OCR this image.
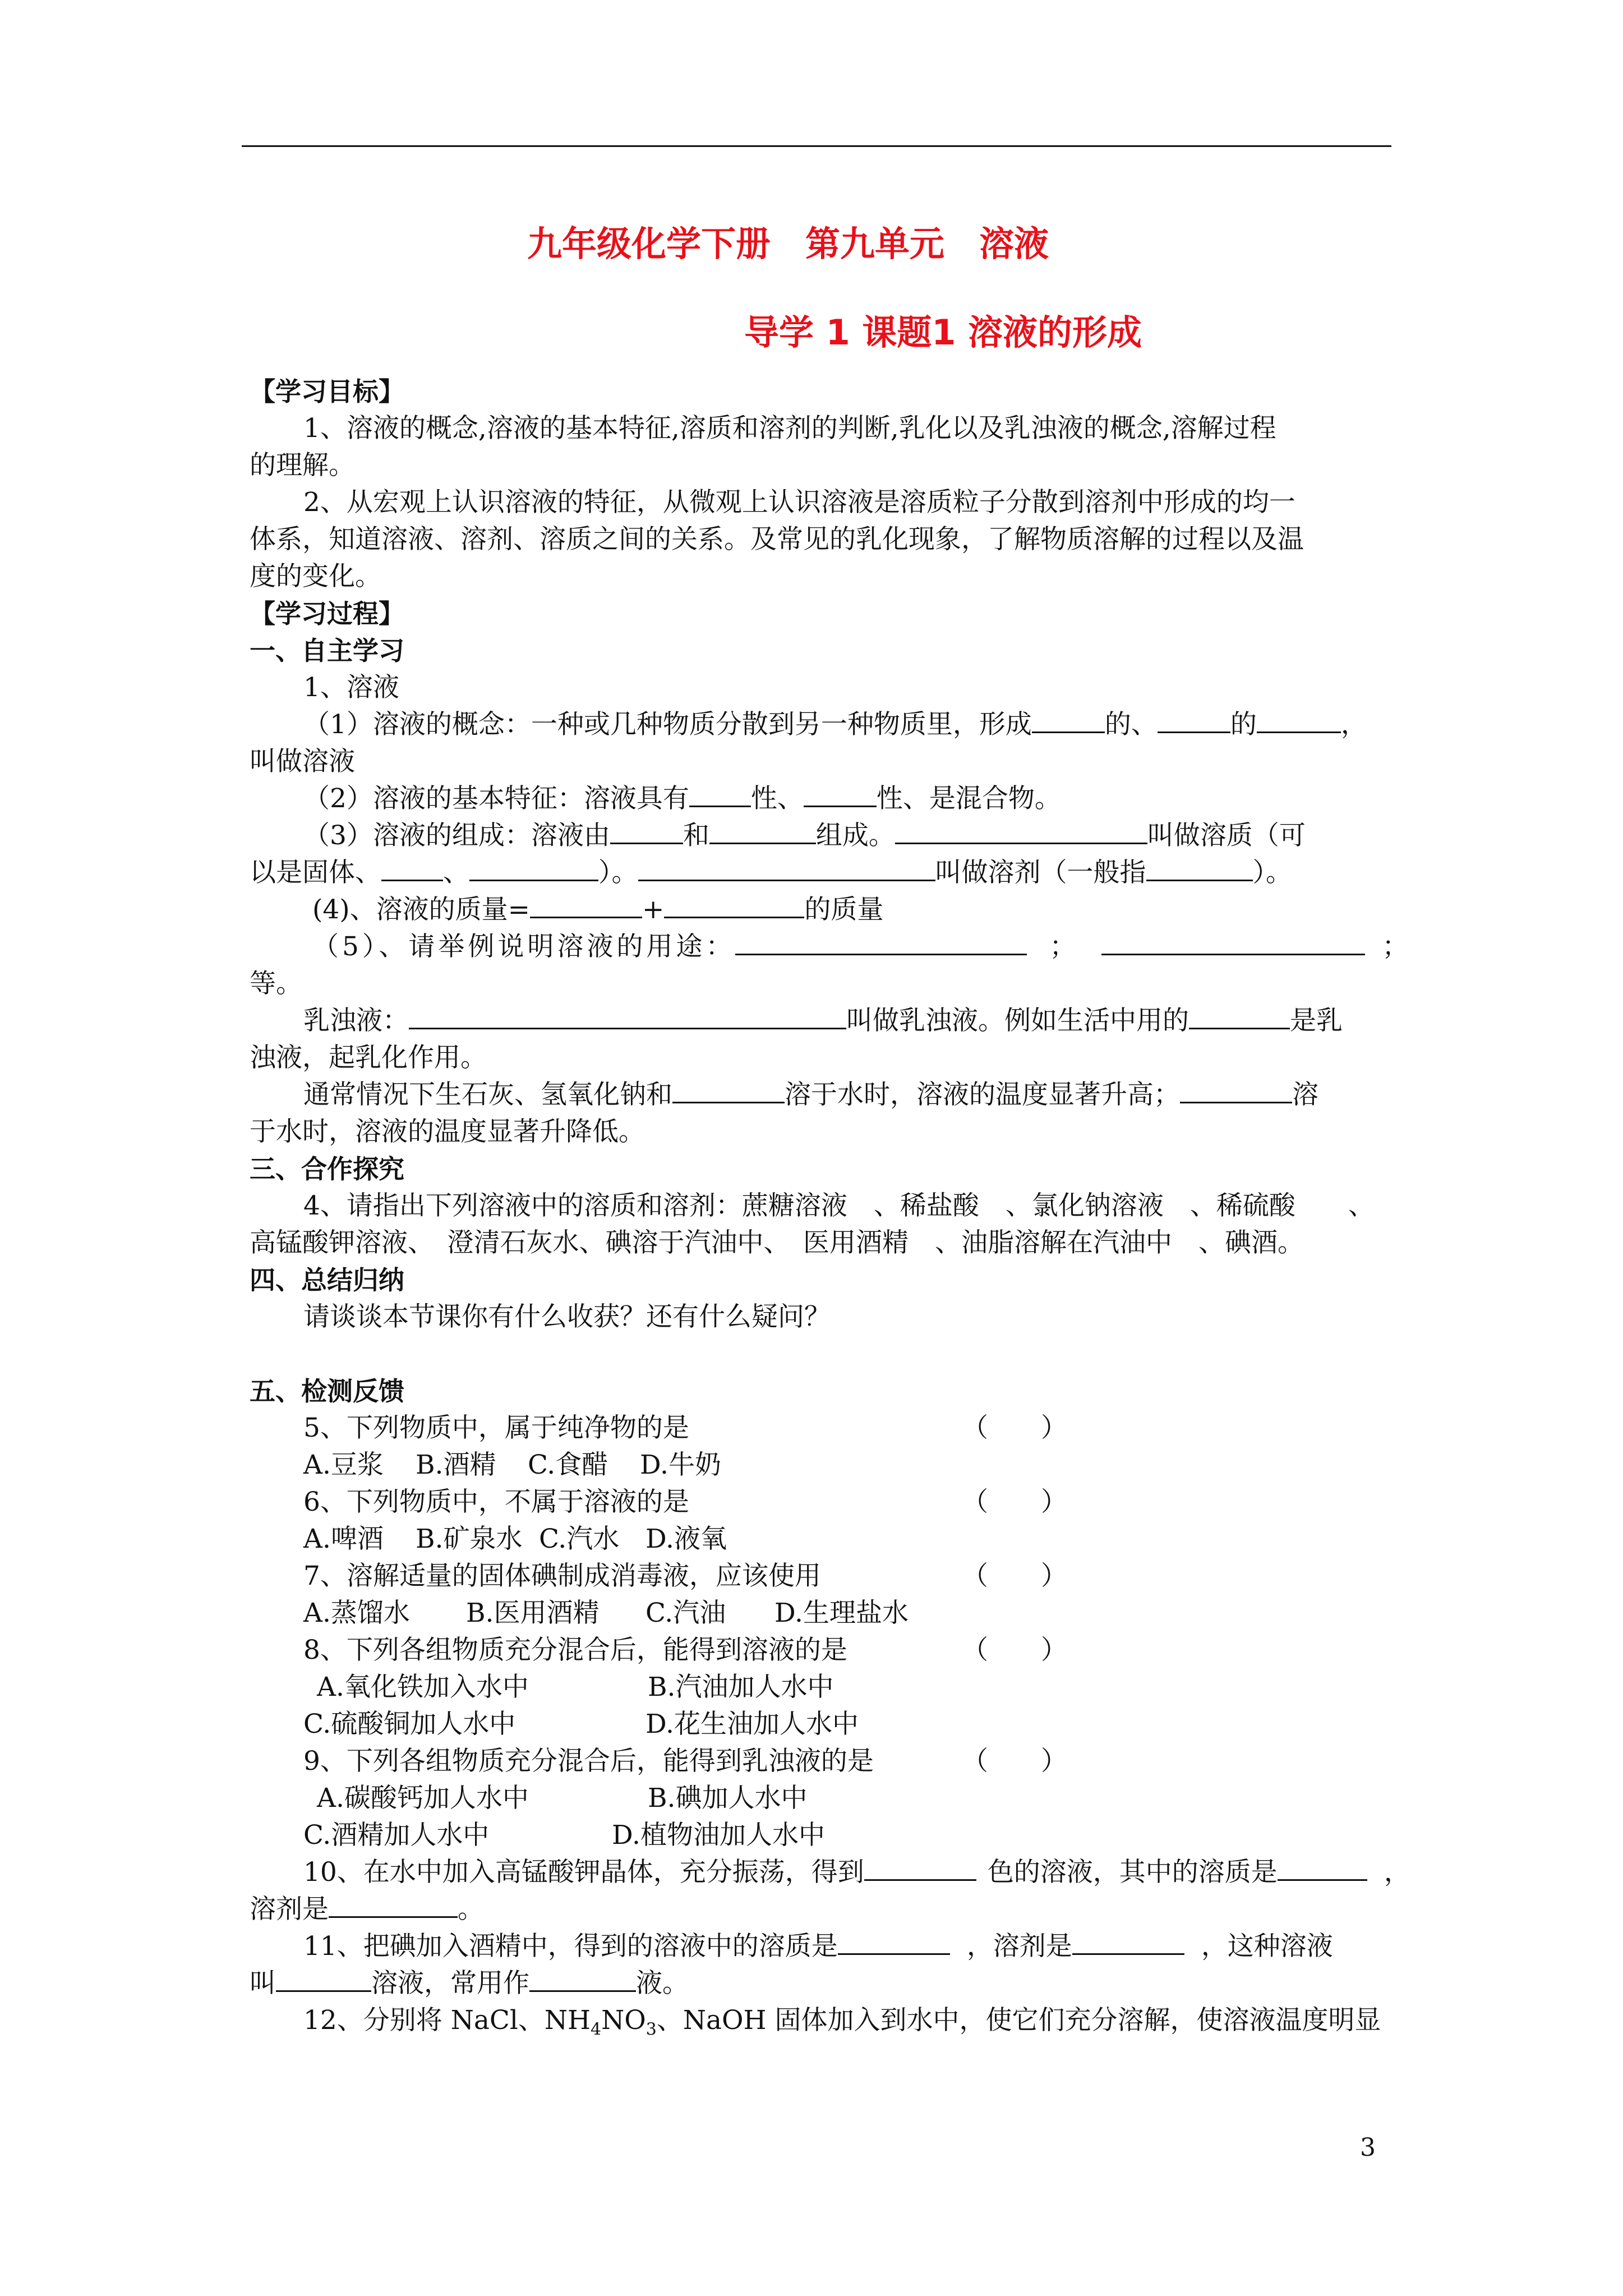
九年级化学下册　第九单元　溶液
导学 1 课题1 溶液的形成
【学习目标】
1、溶液的概念,溶液的基本特征,溶质和溶剂的判断,乳化以及乳浊液的概念,溶解过程
的理解。
2、从宏观上认识溶液的特征，从微观上认识溶液是溶质粒子分散到溶剂中形成的均一
体系，知道溶液、溶剂、溶质之间的关系。及常见的乳化现象，了解物质溶解的过程以及温
度的变化。
【学习过程】
一、自主学习
1、溶液
（1）溶液的概念：一种或几种物质分散到另一种物质里，形成	的、	的	，
叫做溶液
（2）溶液的基本特征：溶液具有 性、	性、是混合物。
（3）溶液的组成：溶液由	和	组成。	叫做溶质（可
以是固体、 、	）。	叫做溶剂（一般指	）。
(4)、溶液的质量=	+	的质量
（5）、请举例说明溶液的用途：	；	；
等。
乳浊液：	叫做乳浊液。例如生活中用的	是乳
浊液，起乳化作用。
通常情况下生石灰、氢氧化钠和	溶于水时，溶液的温度显著升高；	溶
于水时，溶液的温度显著升降低。
三、合作探究
4、请指出下列溶液中的溶质和溶剂：蔗糖溶液　、稀盐酸　、氯化钠溶液　、稀硫酸　　、
高锰酸钾溶液、　澄清石灰水、碘溶于汽油中、　医用酒精　、油脂溶解在汽油中　、碘酒。
四、总结归纳
请谈谈本节课你有什么收获？还有什么疑问？
五、检测反馈
5、下列物质中，属于纯净物的是	（　　）
A.豆浆 B.酒精 C.食醋 D.牛奶
6、下列物质中，不属于溶液的是	（　　）
A.啤酒 B.矿泉水 C.汽水 D.液氧
7、溶解适量的固体碘制成消毒液，应该使用	（　　）
A.蒸馏水 B.医用酒精 C.汽油 D.生理盐水
8、下列各组物质充分混合后，能得到溶液的是	（　　）
A.氧化铁加入水中	B.汽油加人水中
C.硫酸铜加人水中	D.花生油加人水中
9、下列各组物质充分混合后，能得到乳浊液的是	（　　）
A.碳酸钙加人水中	B.碘加人水中
C.酒精加人水中	D.植物油加人水中
10、在水中加入高锰酸钾晶体，充分振荡，得到	色的溶液，其中的溶质是	，
溶剂是	。
11、把碘加入酒精中，得到的溶液中的溶质是	，溶剂是	，这种溶液
叫	溶液，常用作	液。
12、分别将 NaCl、$NH_4NO_3$、NaOH 固体加入到水中，使它们充分溶解，使溶液温度明显
3
